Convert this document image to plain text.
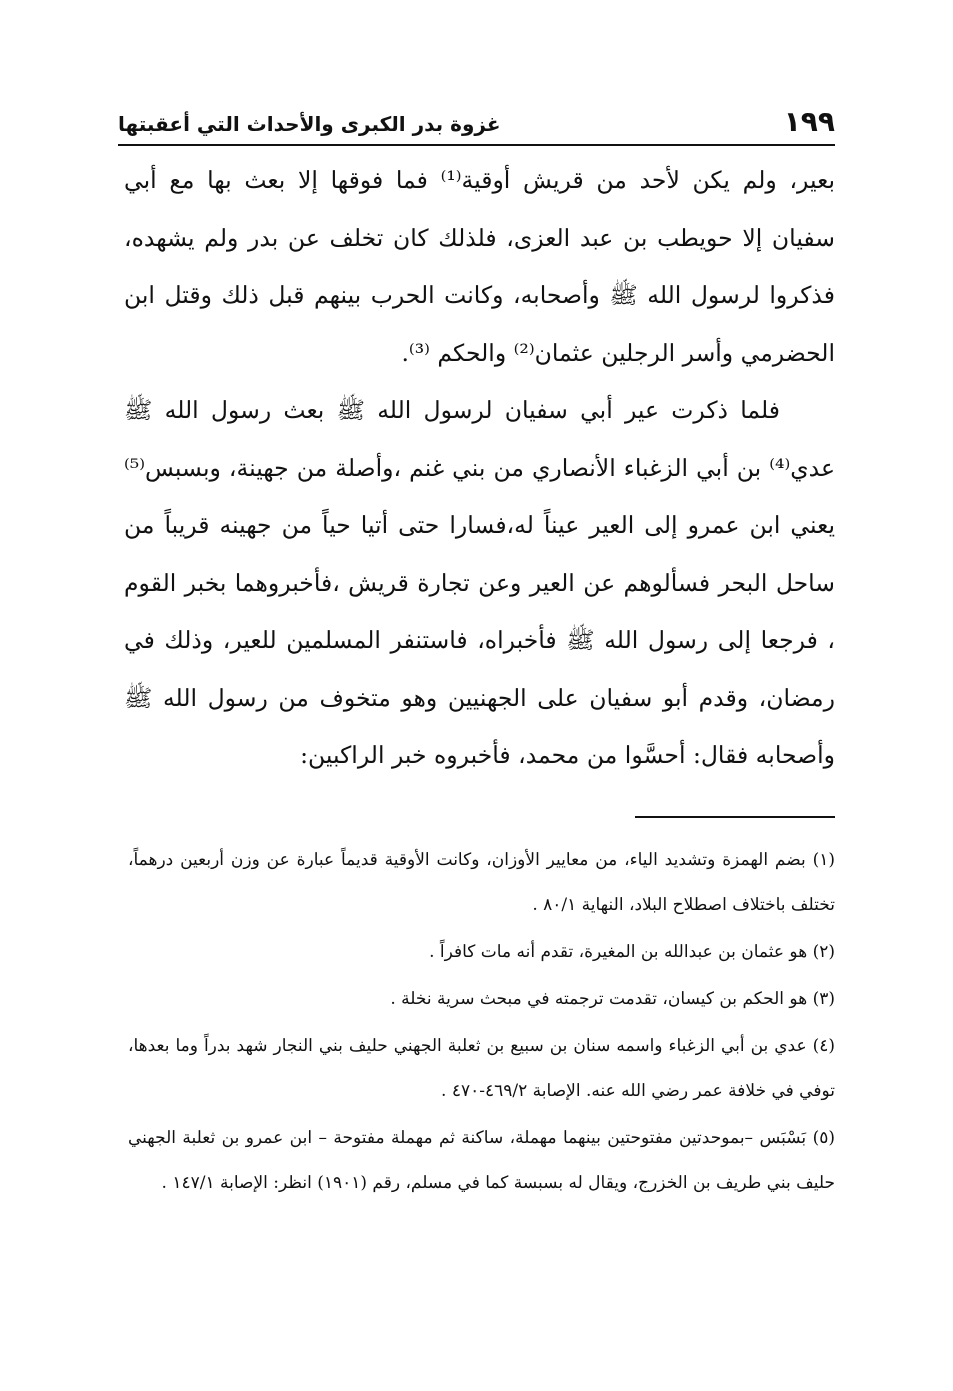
١٩٩
غزوة بدر الكبرى والأحداث التي أعقبتها

بعير، ولم يكن لأحد من قريش أوقية⁽¹⁾ فما فوقها إلا بعث بها مع أبي سفيان إلا حويطب بن عبد العزى، فلذلك كان تخلف عن بدر ولم يشهده، فذكروا لرسول الله ﷺ وأصحابه، وكانت الحرب بينهم قبل ذلك وقتل ابن الحضرمي وأسر الرجلين عثمان⁽²⁾ والحكم ⁽³⁾.

فلما ذكرت عير أبي سفيان لرسول الله ﷺ بعث رسول الله ﷺ عدي⁽⁴⁾ بن أبي الزغباء الأنصاري من بني غنم ،وأصلة من جهينة، وبسبس⁽⁵⁾ يعني ابن عمرو إلى العير عيناً له،فسارا حتى أتيا حياً من جهينه قريباً من ساحل البحر فسألوهم عن العير وعن تجارة قريش ،فأخبروهما بخبر القوم ، فرجعا إلى رسول الله ﷺ فأخبراه، فاستنفر المسلمين للعير، وذلك في رمضان، وقدم أبو سفيان على الجهنيين وهو متخوف من رسول الله ﷺ وأصحابه فقال: أحسَّوا من محمد، فأخبروه خبر الراكبين:

(١) بضم الهمزة وتشديد الياء، من معايير الأوزان، وكانت الأوقية قديماً عبارة عن وزن أربعين درهماً، تختلف باختلاف اصطلاح البلاد، النهاية ٨٠/١ .

(٢) هو عثمان بن عبدالله بن المغيرة، تقدم أنه مات كافراً .

(٣) هو الحكم بن كيسان، تقدمت ترجمته في مبحث سرية نخلة .

(٤) عدي بن أبي الزغباء واسمه سنان بن سبيع بن ثعلبة الجهني حليف بني النجار شهد بدراً وما بعدها، توفي في خلافة عمر رضي الله عنه. الإصابة ٤٦٩/٢-٤٧٠ .

(٥) بَسْبَس –بموحدتين مفتوحتين بينهما مهملة، ساكنة ثم مهملة مفتوحة – ابن عمرو بن ثعلبة الجهني حليف بني طريف بن الخزرج، ويقال له بسبسة كما في مسلم، رقم (١٩٠١) انظر: الإصابة ١٤٧/١ .
